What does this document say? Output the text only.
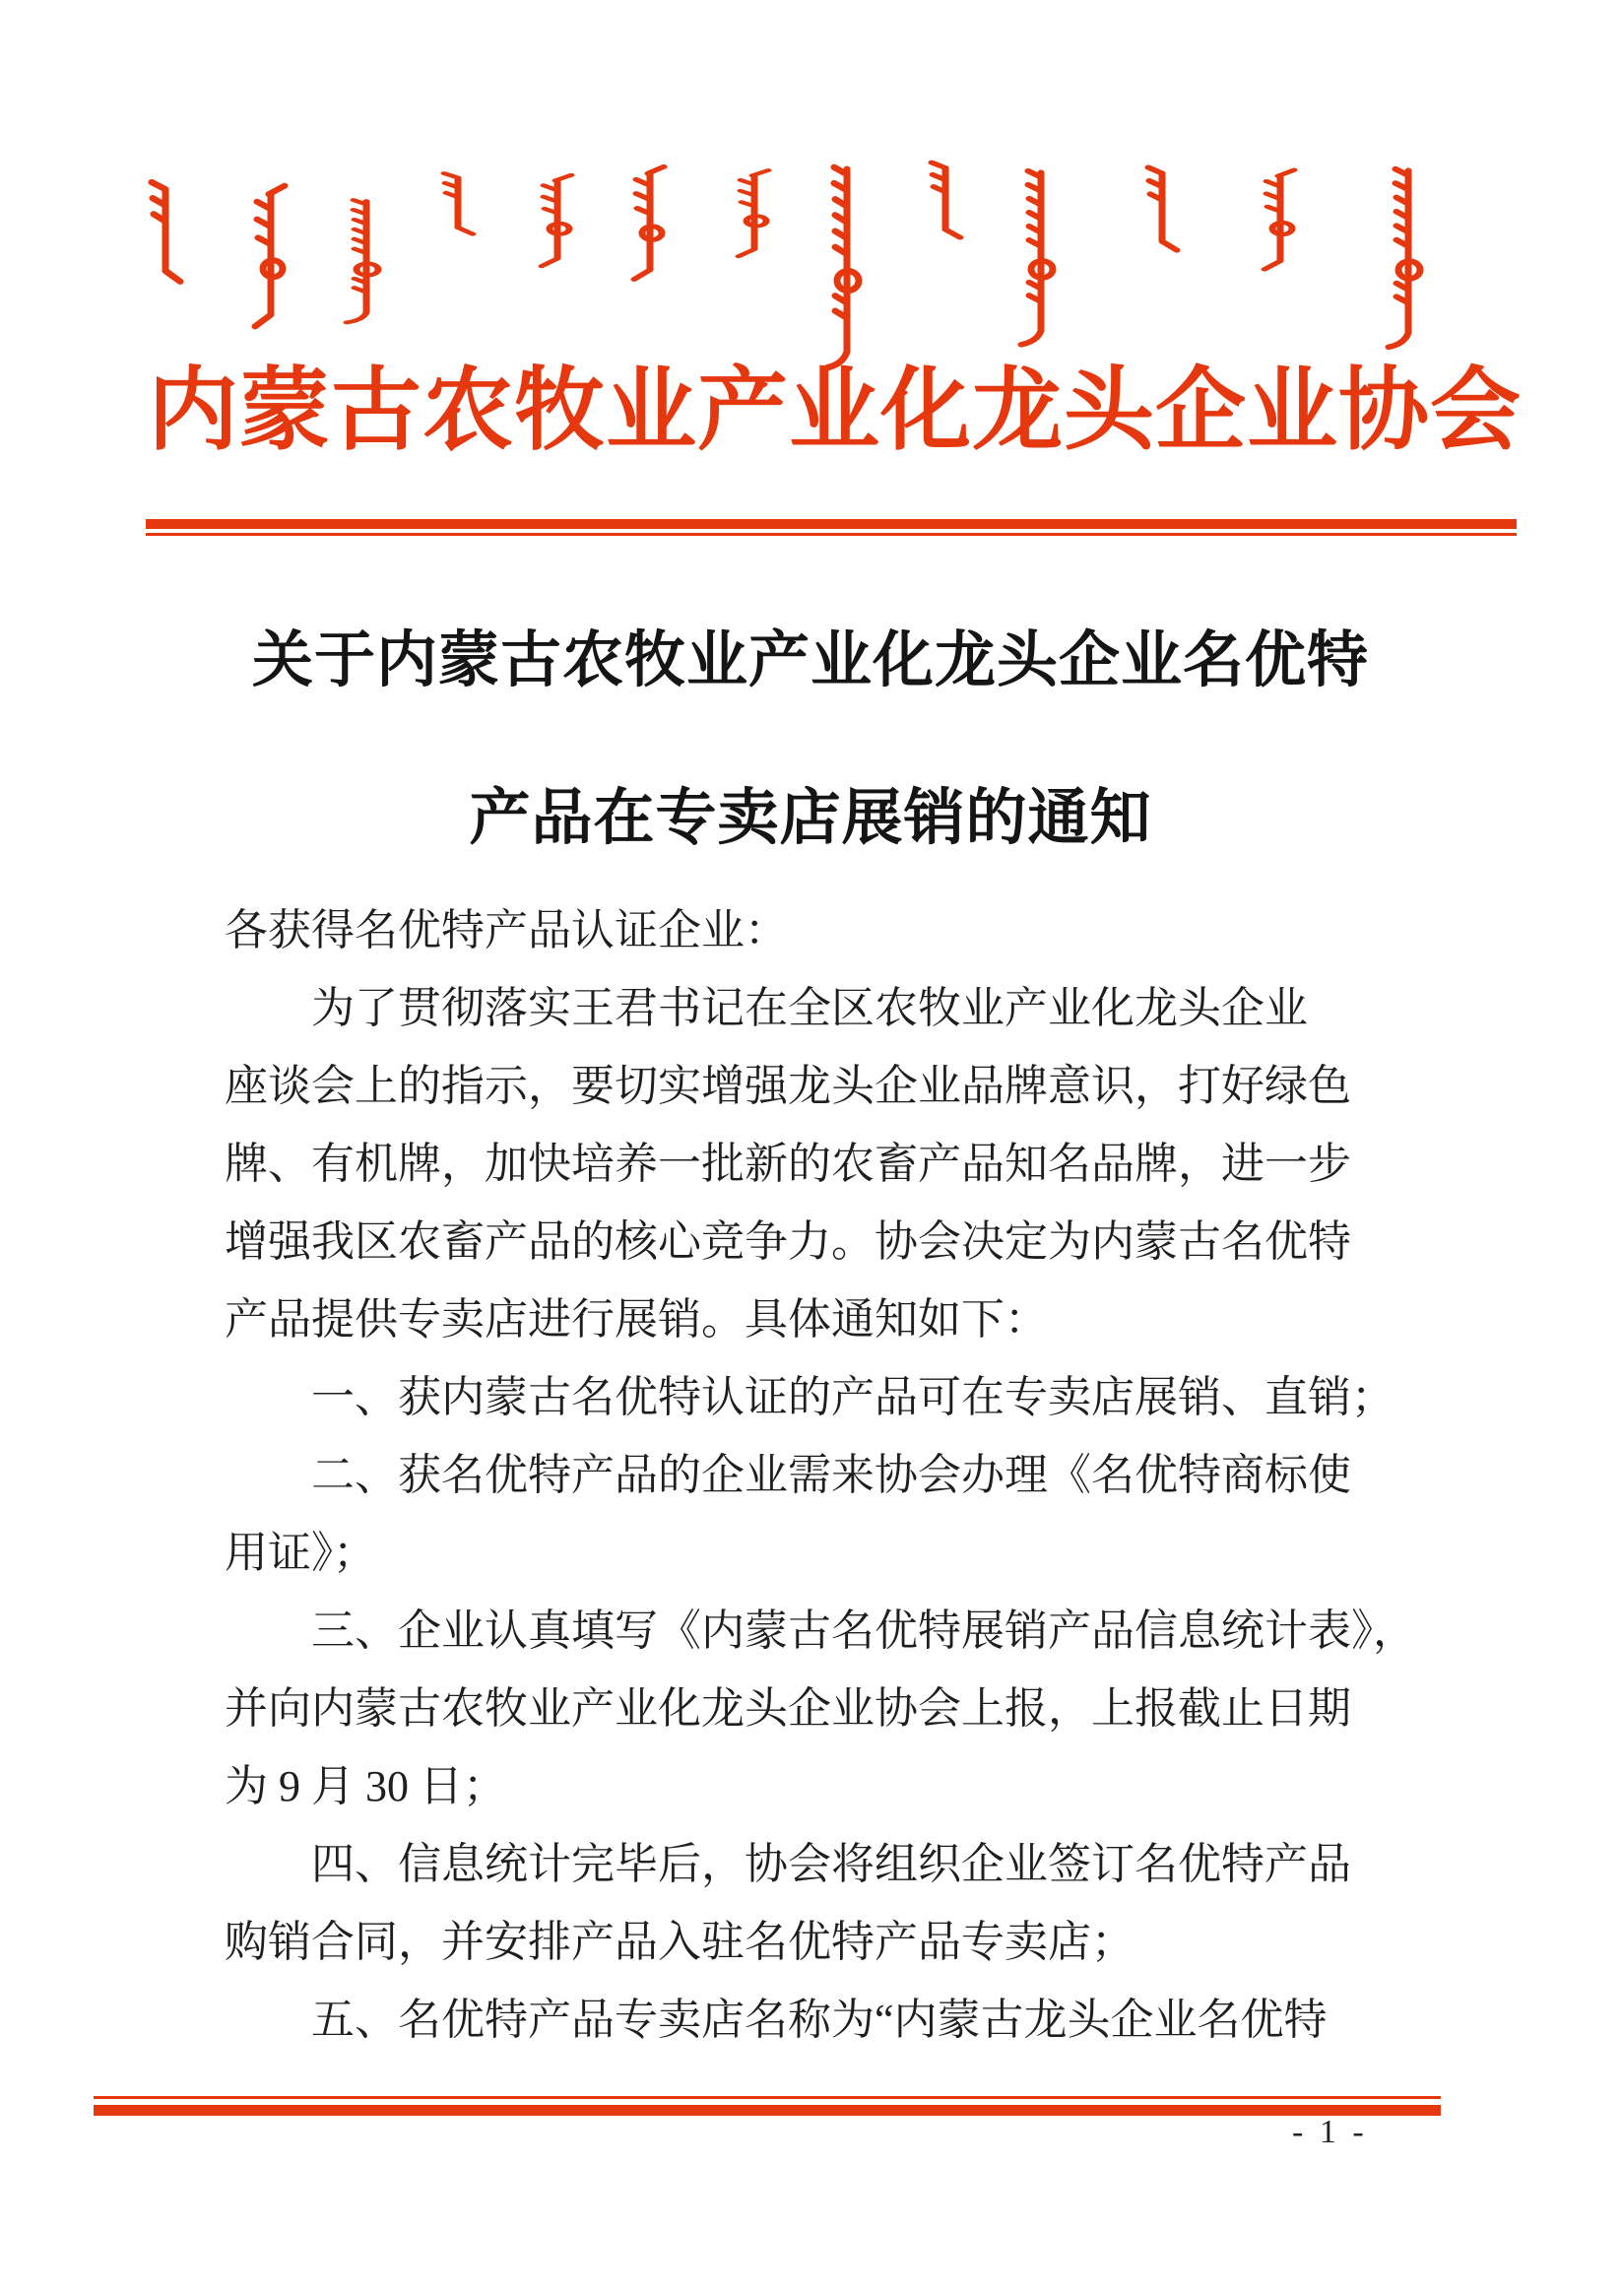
内蒙古农牧业产业化龙头企业协会
关于内蒙古农牧业产业化龙头企业名优特
产品在专卖店展销的通知
各获得名优特产品认证企业：
为了贯彻落实王君书记在全区农牧业产业化龙头企业
座谈会上的指示，要切实增强龙头企业品牌意识，打好绿色
牌、有机牌，加快培养一批新的农畜产品知名品牌，进一步
增强我区农畜产品的核心竞争力。协会决定为内蒙古名优特
产品提供专卖店进行展销。具体通知如下：
一、获内蒙古名优特认证的产品可在专卖店展销、直销；
二、获名优特产品的企业需来协会办理《名优特商标使
用证》；
三、企业认真填写《内蒙古名优特展销产品信息统计表》，
并向内蒙古农牧业产业化龙头企业协会上报，上报截止日期
为 9 月 30 日；
四、信息统计完毕后，协会将组织企业签订名优特产品
购销合同，并安排产品入驻名优特产品专卖店；
五、名优特产品专卖店名称为“内蒙古龙头企业名优特
- 1 -
